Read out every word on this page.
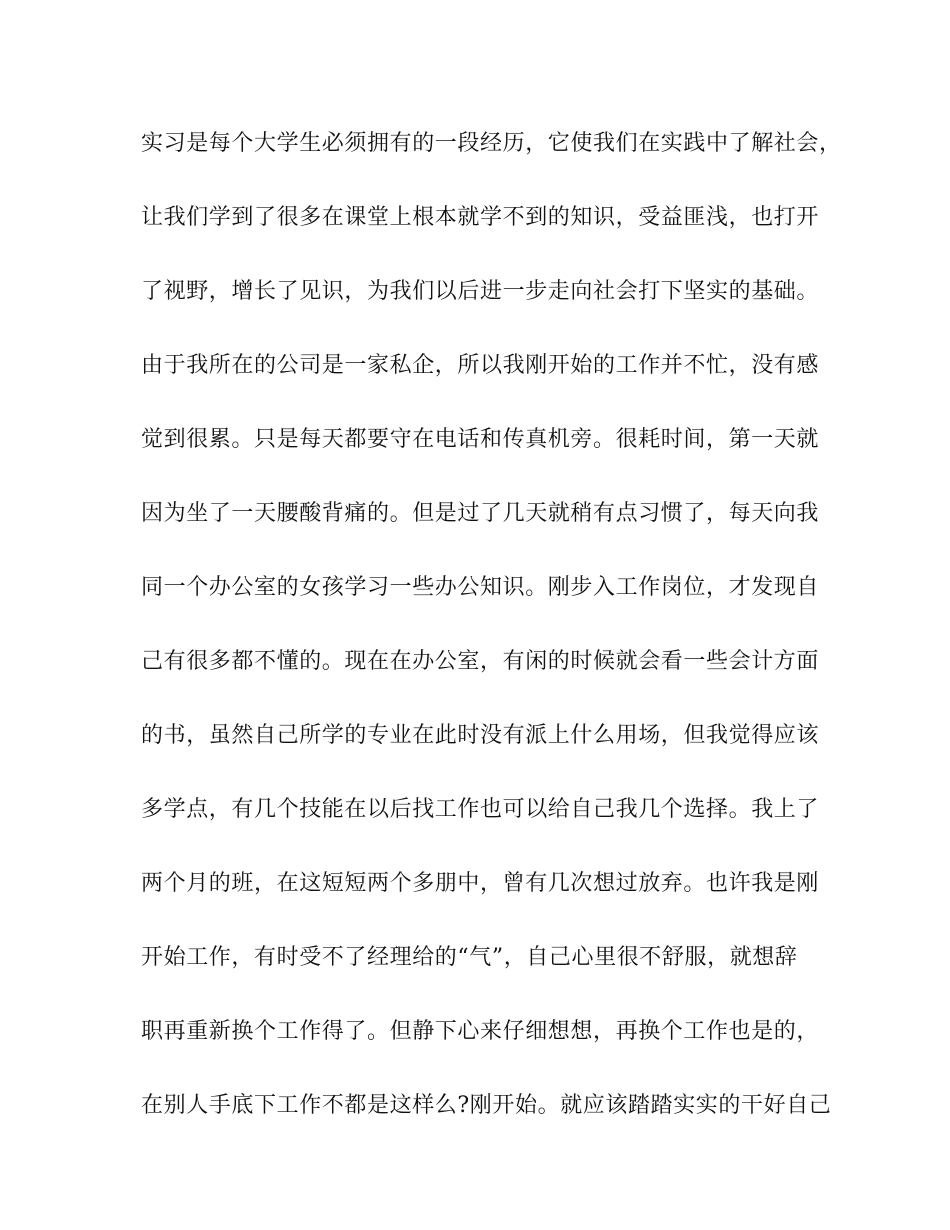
实习是每个大学生必须拥有的一段经历，它使我们在实践中了解社会，
让我们学到了很多在课堂上根本就学不到的知识，受益匪浅，也打开
了视野，增长了见识，为我们以后进一步走向社会打下坚实的基础。
由于我所在的公司是一家私企，所以我刚开始的工作并不忙，没有感
觉到很累。只是每天都要守在电话和传真机旁。很耗时间，第一天就
因为坐了一天腰酸背痛的。但是过了几天就稍有点习惯了，每天向我
同一个办公室的女孩学习一些办公知识。刚步入工作岗位，才发现自
己有很多都不懂的。现在在办公室，有闲的时候就会看一些会计方面
的书，虽然自己所学的专业在此时没有派上什么用场，但我觉得应该
多学点，有几个技能在以后找工作也可以给自己我几个选择。我上了
两个月的班，在这短短两个多朋中，曾有几次想过放弃。也许我是刚
开始工作，有时受不了经理给的“气”，自己心里很不舒服，就想辞
职再重新换个工作得了。但静下心来仔细想想，再换个工作也是的，
在别人手底下工作不都是这样么?刚开始。就应该踏踏实实的干好自己
